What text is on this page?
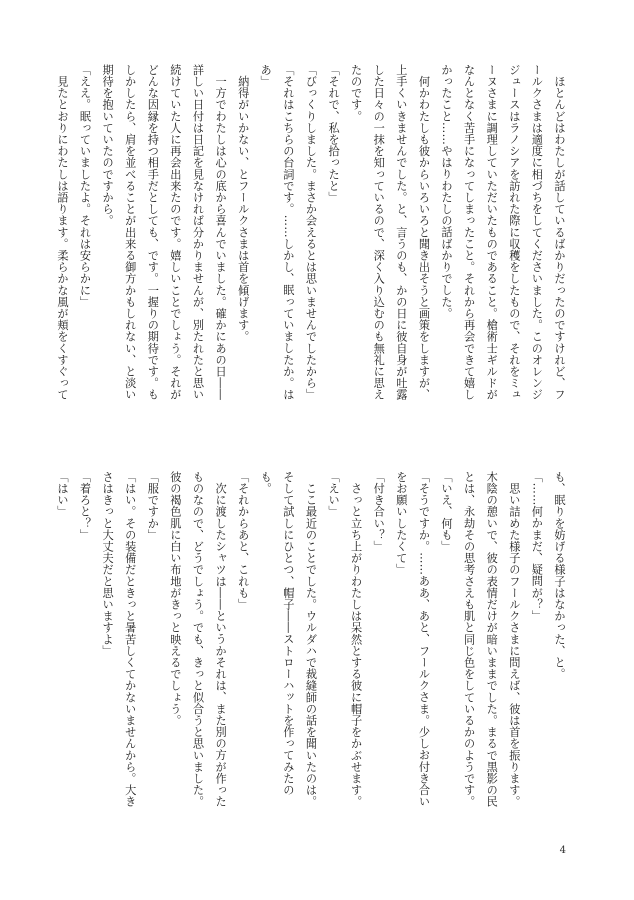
　ほとんどはわたしが話しているばかりだったのですけれど、フ
ールクさまは適度に相づちをしてくださいました。このオレンジ
ジュースはラノシアを訪れた際に収穫をしたもので、それをミュ
ーヌさまに調理していただいたものであること。槍術士ギルドが
なんとなく苦手になってしまったこと。それから再会できて嬉し
かったこと……やはりわたしの話ばかりでした。
　何かわたしも彼からいろいろと聞き出そうと画策をしますが、
上手くいきませんでした。と、言うのも、かの日に彼自身が吐露
した日々の一抹を知っているので、深く入り込むのも無礼に思え
たのです。
「それで、私を拾ったと」
「びっくりしました。まさか会えるとは思いませんでしたから」
「それはこちらの台詞です。……しかし、眠っていましたか。は
あ」
　納得がいかない、とフールクさまは首を傾げます。
　一方でわたしは心の底から喜んでいました。確かにあの日――
詳しい日付は日記を見なければ分かりませんが、別たれたと思い
続けていた人に再会出来たのです。嬉しいことでしょう。それが
どんな因縁を持つ相手だとしても、です。一握りの期待です。も
しかしたら、肩を並べることが出来る御方かもしれない、と淡い
期待を抱いていたのですから。
「ええ。眠っていましたよ。それは安らかに」
　見たとおりにわたしは語ります。柔らかな風が頬をくすぐって
も、眠りを妨げる様子はなかった、と。
「……何かまだ、疑問が？」
　思い詰めた様子のフールクさまに問えば、彼は首を振ります。
木陰の憩いで、彼の表情だけが暗いままでした。まるで黒影の民
とは、永劫その思考さえも肌と同じ色をしているかのようです。
「いえ、何も」
「そうですか。……ああ、あと、フールクさま。少しお付き合い
をお願いしたくて」
「付き合い？」
　さっと立ち上がりわたしは呆然とする彼に帽子をかぶせます。
「えい」
　ここ最近のことでした。ウルダハで裁縫師の話を聞いたのは。
そして試しにひとつ、帽子――ストローハットを作ってみたの
も。
「それからあと、これも」
　次に渡したシャツは――というかそれは、また別の方が作った
ものなので、どうでしょう。でも、きっと似合うと思いました。
彼の褐色肌に白い布地がきっと映えるでしょう。
「服ですか」
「はい。その装備だときっと暑苦しくてかないませんから。大き
さはきっと大丈夫だと思いますよ」
「着ろと？」
「はい」
4
